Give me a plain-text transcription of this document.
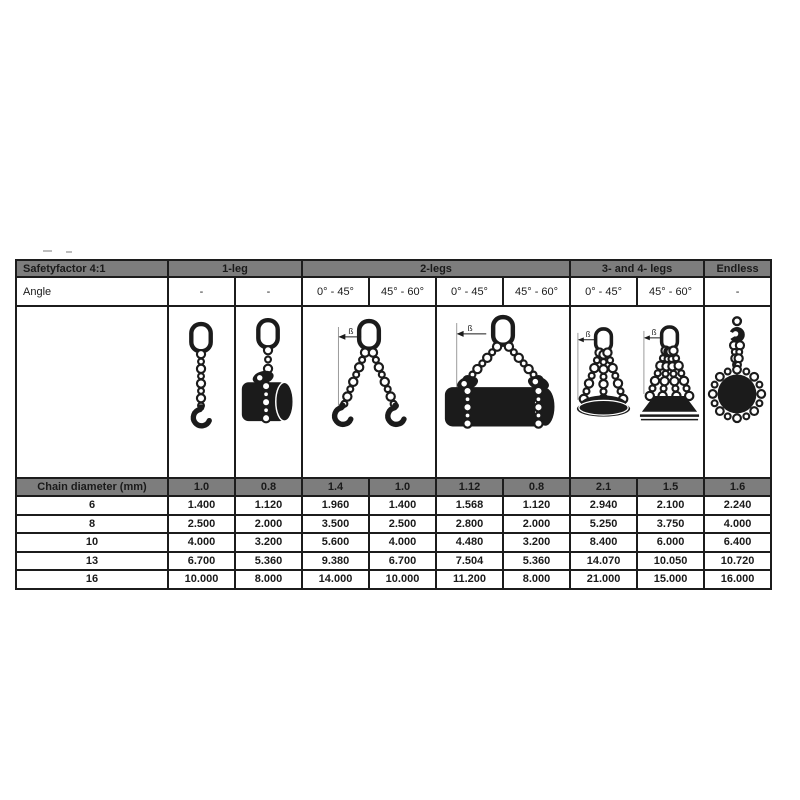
Safetyfactor 4:1	1-leg		2-legs				3- and 4- legs		Endless
Angle	-	-	0° - 45°	45° - 60°	0° - 45°	45° - 60°	0° - 45°	45° - 60°	-

ß		ß		ß ß

Chain diameter (mm)	1.0	0.8	1.4	1.0	1.12	0.8	2.1	1.5	1.6
6	1.400	1.120	1.960	1.400	1.568	1.120	2.940	2.100	2.240
8	2.500	2.000	3.500	2.500	2.800	2.000	5.250	3.750	4.000
10	4.000	3.200	5.600	4.000	4.480	3.200	8.400	6.000	6.400
13	6.700	5.360	9.380	6.700	7.504	5.360	14.070	10.050	10.720
16	10.000	8.000	14.000	10.000	11.200	8.000	21.000	15.000	16.000
